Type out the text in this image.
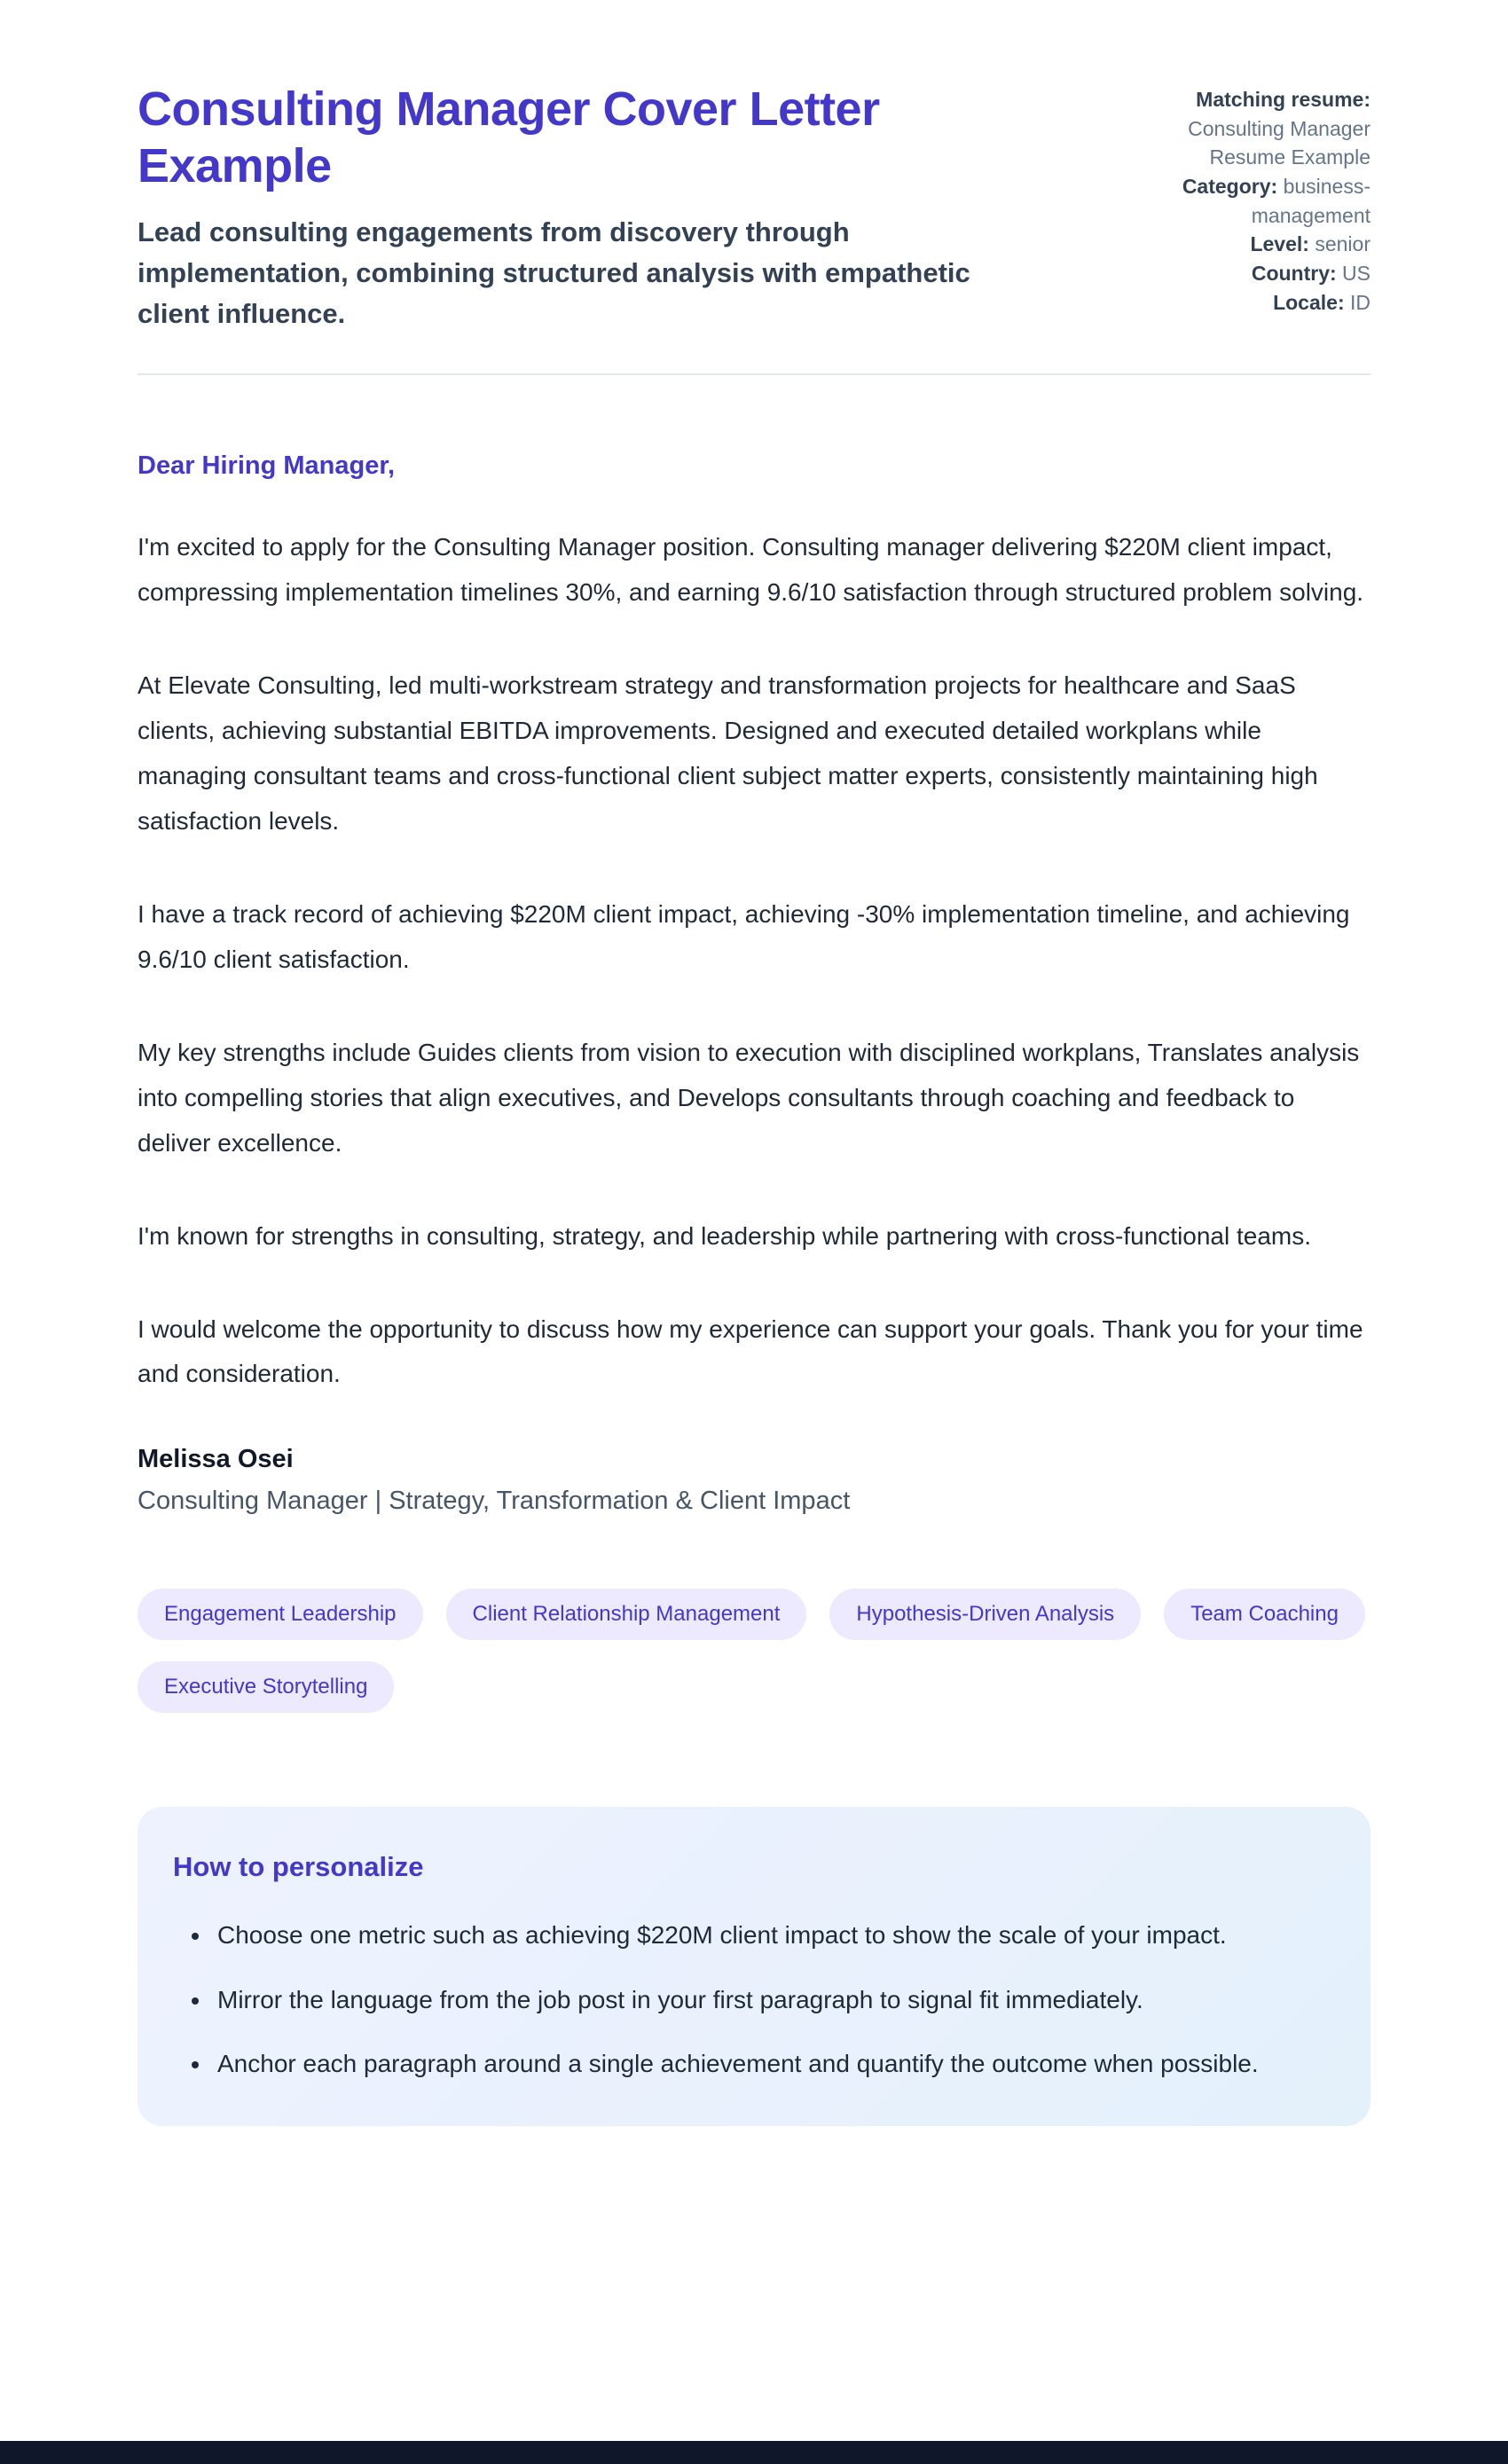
Consulting Manager Cover Letter Example
Lead consulting engagements from discovery through implementation, combining structured analysis with empathetic client influence.
Matching resume:
Consulting Manager Resume Example
Category: business-management
Level: senior
Country: US
Locale: ID
Dear Hiring Manager,

I'm excited to apply for the Consulting Manager position. Consulting manager delivering $220M client impact, compressing implementation timelines 30%, and earning 9.6/10 satisfaction through structured problem solving.

At Elevate Consulting, led multi-workstream strategy and transformation projects for healthcare and SaaS clients, achieving substantial EBITDA improvements. Designed and executed detailed workplans while managing consultant teams and cross-functional client subject matter experts, consistently maintaining high satisfaction levels.

I have a track record of achieving $220M client impact, achieving -30% implementation timeline, and achieving 9.6/10 client satisfaction.

My key strengths include Guides clients from vision to execution with disciplined workplans, Translates analysis into compelling stories that align executives, and Develops consultants through coaching and feedback to deliver excellence.

I'm known for strengths in consulting, strategy, and leadership while partnering with cross-functional teams.

I would welcome the opportunity to discuss how my experience can support your goals. Thank you for your time and consideration.

Melissa Osei
Consulting Manager | Strategy, Transformation & Client Impact
Engagement Leadership	Client Relationship Management	Hypothesis-Driven Analysis	Team Coaching
Executive Storytelling
How to personalize
• Choose one metric such as achieving $220M client impact to show the scale of your impact.
• Mirror the language from the job post in your first paragraph to signal fit immediately.
• Anchor each paragraph around a single achievement and quantify the outcome when possible.
